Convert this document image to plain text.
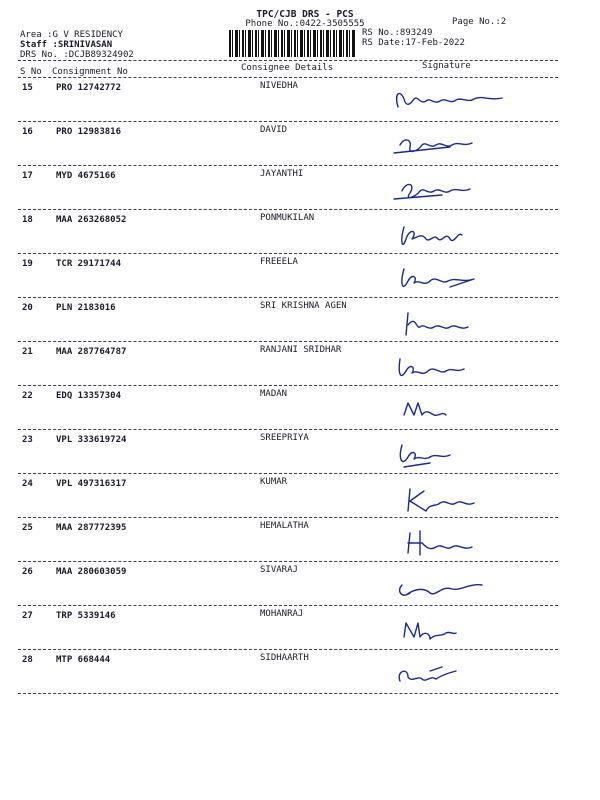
TPC/CJB DRS - PCS
Phone No.:0422-3505555	Page No.:2
Area :G V RESIDENCY
Staff :SRINIVASAN
DRS No. :DCJB89324902
RS No.:893249
RS Date:17-Feb-2022
S No Consignment No	Consignee Details	Signature
15	PRO 12742772	NIVEDHA
16	PRO 12983816	DAVID
17	MYD 4675166	JAYANTHI
18	MAA 263268052	PONMUKILAN
19	TCR 29171744	FREEELA
20	PLN 2183016	SRI KRISHNA AGEN
21	MAA 287764787	RANJANI SRIDHAR
22	EDQ 13357304	MADAN
23	VPL 333619724	SREEPRIYA
24	VPL 497316317	KUMAR
25	MAA 287772395	HEMALATHA
26	MAA 280603059	SIVARAJ
27	TRP 5339146	MOHANRAJ
28	MTP 668444	SIDHAARTH
